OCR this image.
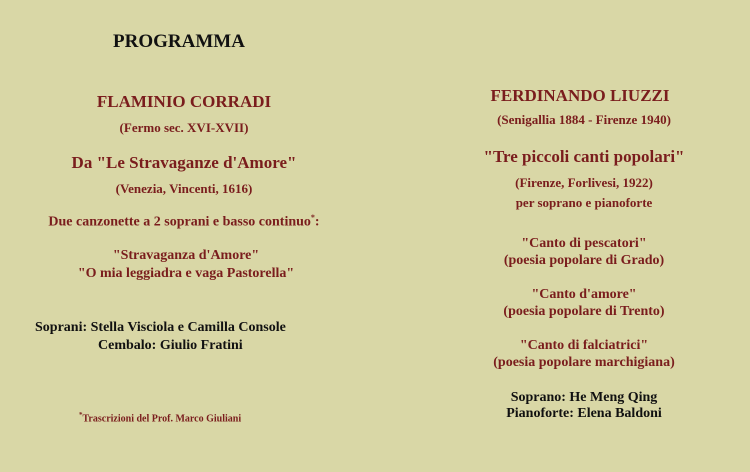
PROGRAMMA
FLAMINIO CORRADI
(Fermo sec. XVI-XVII)
Da "Le Stravaganze d'Amore"
(Venezia, Vincenti, 1616)
Due canzonette a 2 soprani e basso continuo*:
"Stravaganza d'Amore"
"O mia leggiadra e vaga Pastorella"
Soprani: Stella Visciola e Camilla Console
Cembalo: Giulio Fratini
*Trascrizioni del Prof. Marco Giuliani
FERDINANDO LIUZZI
(Senigallia 1884 - Firenze 1940)
"Tre piccoli canti popolari"
(Firenze, Forlivesi, 1922)
per soprano e pianoforte
"Canto di pescatori"
(poesia popolare di Grado)
"Canto d'amore"
(poesia popolare di Trento)
"Canto di falciatrici"
(poesia popolare marchigiana)
Soprano: He Meng Qing
Pianoforte: Elena Baldoni
